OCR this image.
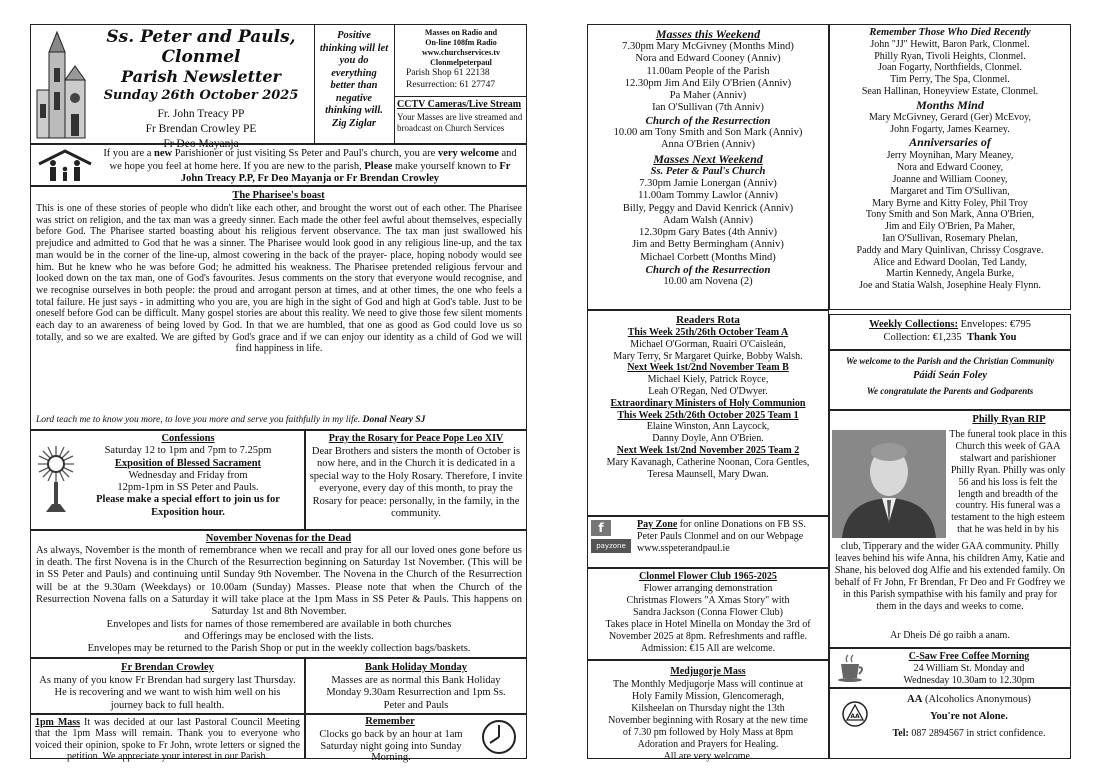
Ss. Peter and Pauls, Clonmel
Parish Newsletter
Sunday 26th October 2025
Fr. John Treacy PP
Fr Brendan Crowley PE
Fr Deo Mayanja
Positive thinking will let you do everything better than negative thinking will. Zig Ziglar
Masses on Radio and
On-line 108fm Radio
www.churchservices.tv
Clonmelpeterpaul
Parish Shop 61 22138
Resurrection: 61 27747
CCTV Cameras/Live Stream
Your Masses are live streamed and broadcast on Church Services
If you are a new Parishioner or just visiting Ss Peter and Paul's church, you are very welcome and we hope you feel at home here. If you are new to the parish, Please make yourself known to Fr John Treacy P.P, Fr Deo Mayanja or Fr Brendan Crowley
The Pharisee's boast
This is one of these stories of people who didn't like each other, and brought the worst out of each other. The Pharisee was strict on religion, and the tax man was a greedy sinner. Each made the other feel awful about themselves, especially before God. The Pharisee started boasting about his religious fervent observance. The tax man just swallowed his prejudice and admitted to God that he was a sinner. The Pharisee would look good in any religious line-up, and the tax man would be in the corner of the line-up, almost cowering in the back of the prayer- place, hoping nobody would see him. But he knew who he was before God; he admitted his weakness. The Pharisee pretended religious fervour and looked down on the tax man, one of God's favourites. Jesus comments on the story that everyone would recognise, and we recognise ourselves in both people: the proud and arrogant person at times, and at other times, the one who feels a total failure. He just says - in admitting who you are, you are high in the sight of God and high at God's table. Just to be oneself before God can be difficult. Many gospel stories are about this reality. We need to give those few silent moments each day to an awareness of being loved by God. In that we are humbled, that one as good as God could love us so totally, and so we are exalted. We are gifted by God's grace and if we can enjoy our identity as a child of God we will find happiness in life.
Lord teach me to know you more, to love you more and serve you faithfully in my life. Donal Neary SJ
Confessions
Saturday 12 to 1pm and 7pm to 7.25pm
Exposition of Blessed Sacrament
Wednesday and Friday from
12pm-1pm in SS Peter and Pauls.
Please make a special effort to join us for Exposition hour.
Pray the Rosary for Peace Pope Leo XIV
Dear Brothers and sisters the month of October is now here, and in the Church it is dedicated in a special way to the Holy Rosary. Therefore, I invite everyone, every day of this month, to pray the Rosary for peace: personally, in the family, in the community.
November Novenas for the Dead
As always, November is the month of remembrance when we recall and pray for all our loved ones gone before us in death. The first Novena is in the Church of the Resurrection beginning on Saturday 1st November. (This will be in SS Peter and Pauls) and continuing until Sunday 9th November. The Novena in the Church of the Resurrection will be at the 9.30am (Weekdays) or 10.00am (Sunday) Masses. Please note that when the Church of the Resurrection Novena falls on a Saturday it will take place at the 1pm Mass in SS Peter & Pauls. This happens on Saturday 1st and 8th November.
Envelopes and lists for names of those remembered are available in both churches
and Offerings may be enclosed with the lists.
Envelopes may be returned to the Parish Shop or put in the weekly collection bags/baskets.
Fr Brendan Crowley
As many of you know Fr Brendan had surgery last Thursday. He is recovering and we want to wish him well on his journey back to full health.
Bank Holiday Monday
Masses are as normal this Bank Holiday Monday 9.30am Resurrection and 1pm Ss. Peter and Pauls
1pm Mass It was decided at our last Pastoral Council Meeting that the 1pm Mass will remain. Thank you to everyone who voiced their opinion, spoke to Fr John, wrote letters or signed the petition. We appreciate your interest in our Parish.
Remember
Clocks go back by an hour at 1am Saturday night going into Sunday Morning.
Masses this Weekend
7.30pm Mary McGivney (Months Mind)
Nora and Edward Cooney (Anniv)
11.00am People of the Parish
12.30pm Jim And Eily O'Brien (Anniv)
Pa Maher (Anniv)
Ian O'Sullivan (7th Anniv)
Church of the Resurrection
10.00 am Tony Smith and Son Mark (Anniv)
Anna O'Brien (Anniv)
Masses Next Weekend
Ss. Peter & Paul's Church
7.30pm Jamie Lonergan (Anniv)
11.00am Tommy Lawlor (Anniv)
Billy, Peggy and David Kenrick (Anniv)
Adam Walsh (Anniv)
12.30pm Gary Bates (4th Anniv)
Jim and Betty Bermingham (Anniv)
Michael Corbett (Months Mind)
Church of the Resurrection
10.00 am Novena (2)
Readers Rota
This Week 25th/26th October Team A
Michael O'Gorman, Ruairi O'Caisleán,
Mary Terry, Sr Margaret Quirke, Bobby Walsh.
Next Week 1st/2nd November Team B
Michael Kiely, Patrick Royce,
Leah O'Regan, Ned O'Dwyer.
Extraordinary Ministers of Holy Communion
This Week 25th/26th October 2025 Team 1
Elaine Winston, Ann Laycock,
Danny Doyle, Ann O'Brien.
Next Week 1st/2nd November 2025 Team 2
Mary Kavanagh, Catherine Noonan, Cora Gentles,
Teresa Maunsell, Mary Dwan.
f
payzone
Pay Zone for online Donations on FB SS. Peter Pauls Clonmel and on our Webpage www.sspeterandpaul.ie
Clonmel Flower Club 1965-2025
Flower arranging demonstration
Christmas Flowers "A Xmas Story" with
Sandra Jackson (Conna Flower Club)
Takes place in Hotel Minella on Monday the 3rd of
November 2025 at 8pm. Refreshments and raffle.
Admission: €15 All are welcome.
Medjugorje Mass
The Monthly Medjugorje Mass will continue at
Holy Family Mission, Glencomeragh,
Kilsheelan on Thursday night the 13th
November beginning with Rosary at the new time
of 7.30 pm followed by Holy Mass at 8pm
Adoration and Prayers for Healing.
All are very welcome.
Remember Those Who Died Recently
John "JJ" Hewitt, Baron Park, Clonmel.
Philly Ryan, Tivoli Heights, Clonmel.
Joan Fogarty, Northfields, Clonmel.
Tim Perry, The Spa, Clonmel.
Sean Hallinan, Honeyview Estate, Clonmel.
Months Mind
Mary McGivney, Gerard (Ger) McEvoy,
John Fogarty, James Kearney.
Anniversaries of
Jerry Moynihan, Mary Meaney,
Nora and Edward Cooney,
Joanne and William Cooney,
Margaret and Tim O'Sullivan,
Mary Byrne and Kitty Foley, Phil Troy
Tony Smith and Son Mark, Anna O'Brien,
Jim and Eily O'Brien, Pa Maher,
Ian O'Sullivan, Rosemary Phelan,
Paddy and Mary Quinlivan, Chrissy Cosgrave.
Alice and Edward Doolan, Ted Landy,
Martin Kennedy, Angela Burke,
Joe and Statia Walsh, Josephine Healy Flynn.
Weekly Collections: Envelopes: €795
Collection: €1,235 Thank You
We welcome to the Parish and the Christian Community
Páidí Seán Foley
We congratulate the Parents and Godparents
Philly Ryan RIP
The funeral took place in this Church this week of GAA stalwart and parishioner Philly Ryan. Philly was only 56 and his loss is felt the length and breadth of the country. His funeral was a testament to the high esteem that he was held in by his
club, Tipperary and the wider GAA community. Philly leaves behind his wife Anna, his children Amy, Katie and Shane, his beloved dog Alfie and his extended family. On behalf of Fr John, Fr Brendan, Fr Deo and Fr Godfrey we in this Parish sympathise with his family and pray for them in the days and weeks to come.
Ar Dheis Dé go raibh a anam.
C-Saw Free Coffee Morning
24 William St. Monday and
Wednesday 10.30am to 12.30pm
AA
AA (Alcoholics Anonymous)
You're not Alone.
Tel: 087 2894567 in strict confidence.
